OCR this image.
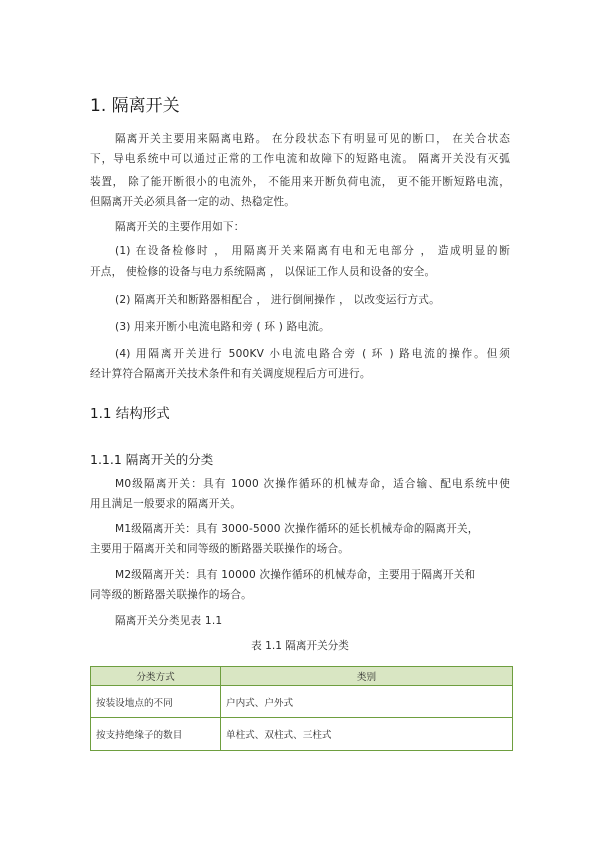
1. 隔离开关
隔离开关主要用来隔离电路。 在分段状态下有明显可见的断口， 在关合状态
下，导电系统中可以通过正常的工作电流和故障下的短路电流。 隔离开关没有灭弧
装置， 除了能开断很小的电流外， 不能用来开断负荷电流， 更不能开断短路电流，
但隔离开关必须具备一定的动、热稳定性。
隔离开关的主要作用如下：
(1) 在设备检修时 ， 用隔离开关来隔离有电和无电部分 ， 造成明显的断
开点， 使检修的设备与电力系统隔离 ， 以保证工作人员和设备的安全。
(2) 隔离开关和断路器相配合 ， 进行倒闸操作 ， 以改变运行方式。
(3) 用来开断小电流电路和旁 ( 环 ) 路电流。
(4) 用隔离开关进行 500KV 小电流电路合旁 ( 环 ) 路电流的操作。但须
经计算符合隔离开关技术条件和有关调度规程后方可进行。
1.1 结构形式
1.1.1 隔离开关的分类
M0级隔离开关：具有 1000 次操作循环的机械寿命，适合输、配电系统中使
用且满足一般要求的隔离开关。
M1级隔离开关：具有 3000-5000 次操作循环的延长机械寿命的隔离开关，
主要用于隔离开关和同等级的断路器关联操作的场合。
M2级隔离开关：具有 10000 次操作循环的机械寿命，主要用于隔离开关和
同等级的断路器关联操作的场合。
隔离开关分类见表 1.1
表 1.1 隔离开关分类
分类方式	类别
按装设地点的不同	户内式、户外式
按支持绝缘子的数目	单柱式、双柱式、三柱式
